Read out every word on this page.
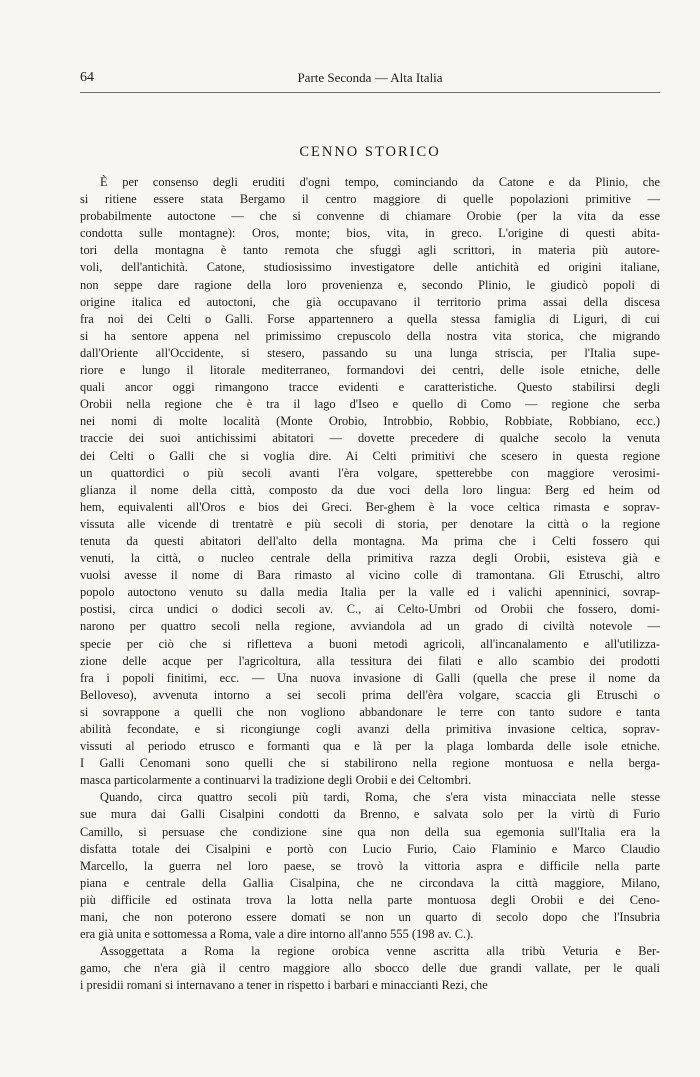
64	Parte Seconda — Alta Italia
CENNO STORICO
È per consenso degli eruditi d'ogni tempo, cominciando da Catone e da Plinio, che
si ritiene essere stata Bergamo il centro maggiore di quelle popolazioni primitive —
probabilmente autoctone — che si convenne di chiamare Orobie (per la vita da esse
condotta sulle montagne): Oros, monte; bios, vita, in greco. L'origine di questi abita-
tori della montagna è tanto remota che sfuggì agli scrittori, in materia più autore-
voli, dell'antichità. Catone, studiosissimo investigatore delle antichità ed origini italiane,
non seppe dare ragione della loro provenienza e, secondo Plinio, le giudicò popoli di
origine italica ed autoctoni, che già occupavano il territorio prima assai della discesa
fra noi dei Celti o Galli. Forse appartennero a quella stessa famiglia di Liguri, di cui
si ha sentore appena nel primissimo crepuscolo della nostra vita storica, che migrando
dall'Oriente all'Occidente, si stesero, passando su una lunga striscia, per l'Italia supe-
riore e lungo il litorale mediterraneo, formandovi dei centri, delle isole etniche, delle
quali ancor oggi rimangono tracce evidenti e caratteristiche. Questo stabilirsi degli
Orobii nella regione che è tra il lago d'Iseo e quello di Como — regione che serba
nei nomi di molte località (Monte Orobio, Introbbio, Robbio, Robbiate, Robbiano, ecc.)
traccie dei suoi antichissimi abitatori — dovette precedere di qualche secolo la venuta
dei Celti o Galli che si voglia dire. Ai Celti primitivi che scesero in questa regione
un quattordici o più secoli avanti l'èra volgare, spetterebbe con maggiore verosimi-
glianza il nome della città, composto da due voci della loro lingua: Berg ed heim od
hem, equivalenti all'Oros e bios dei Greci. Ber-ghem è la voce celtica rimasta e soprav-
vissuta alle vicende di trentatrè e più secoli di storia, per denotare la città o la regione
tenuta da questi abitatori dell'alto della montagna. Ma prima che i Celti fossero qui
venuti, la città, o nucleo centrale della primitiva razza degli Orobii, esisteva già e
vuolsi avesse il nome di Bara rimasto al vicino colle di tramontana. Gli Etruschi, altro
popolo autoctono venuto su dalla media Italia per la valle ed i valichi apenninici, sovrap-
postisi, circa undici o dodici secoli av. C., ai Celto-Umbri od Orobii che fossero, domi-
narono per quattro secoli nella regione, avviandola ad un grado di civiltà notevole —
specie per ciò che si rifletteva a buoni metodi agricoli, all'incanalamento e all'utilizza-
zione delle acque per l'agricoltura, alla tessitura dei filati e allo scambio dei prodotti
fra i popoli finitimi, ecc. — Una nuova invasione di Galli (quella che prese il nome da
Belloveso), avvenuta intorno a sei secoli prima dell'èra volgare, scaccia gli Etruschi o
si sovrappone a quelli che non vogliono abbandonare le terre con tanto sudore e tanta
abilità fecondate, e si ricongiunge cogli avanzi della primitiva invasione celtica, soprav-
vissuti al periodo etrusco e formanti qua e là per la plaga lombarda delle isole etniche.
I Galli Cenomani sono quelli che si stabilirono nella regione montuosa e nella berga-
masca particolarmente a continuarvi la tradizione degli Orobii e dei Celtombri.
Quando, circa quattro secoli più tardi, Roma, che s'era vista minacciata nelle stesse
sue mura dai Galli Cisalpini condotti da Brenno, e salvata solo per la virtù di Furio
Camillo, si persuase che condizione sine qua non della sua egemonia sull'Italia era la
disfatta totale dei Cisalpini e portò con Lucio Furio, Caio Flaminio e Marco Claudio
Marcello, la guerra nel loro paese, se trovò la vittoria aspra e difficile nella parte
piana e centrale della Gallia Cisalpina, che ne circondava la città maggiore, Milano,
più difficile ed ostinata trova la lotta nella parte montuosa degli Orobii e dei Ceno-
mani, che non poterono essere domati se non un quarto di secolo dopo che l'Insubria
era già unita e sottomessa a Roma, vale a dire intorno all'anno 555 (198 av. C.).
Assoggettata a Roma la regione orobica venne ascritta alla tribù Veturia e Ber-
gamo, che n'era già il centro maggiore allo sbocco delle due grandi vallate, per le quali
i presidii romani si internavano a tener in rispetto i barbari e minaccianti Rezi, che
